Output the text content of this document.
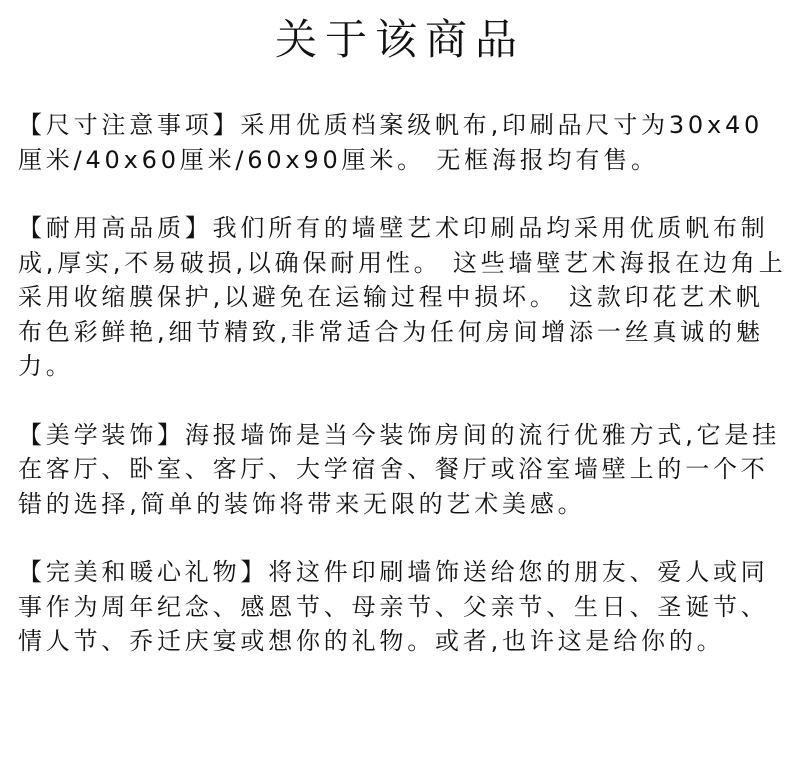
关于该商品

【尺寸注意事项】采用优质档案级帆布,印刷品尺寸为30x40厘米/40x60厘米/60x90厘米。 无框海报均有售。

【耐用高品质】我们所有的墙壁艺术印刷品均采用优质帆布制成,厚实,不易破损,以确保耐用性。 这些墙壁艺术海报在边角上采用收缩膜保护,以避免在运输过程中损坏。 这款印花艺术帆布色彩鲜艳,细节精致,非常适合为任何房间增添一丝真诚的魅力。

【美学装饰】海报墙饰是当今装饰房间的流行优雅方式,它是挂在客厅、卧室、客厅、大学宿舍、餐厅或浴室墙壁上的一个不错的选择,简单的装饰将带来无限的艺术美感。

【完美和暖心礼物】将这件印刷墙饰送给您的朋友、爱人或同事作为周年纪念、感恩节、母亲节、父亲节、生日、圣诞节、情人节、乔迁庆宴或想你的礼物。或者,也许这是给你的。
